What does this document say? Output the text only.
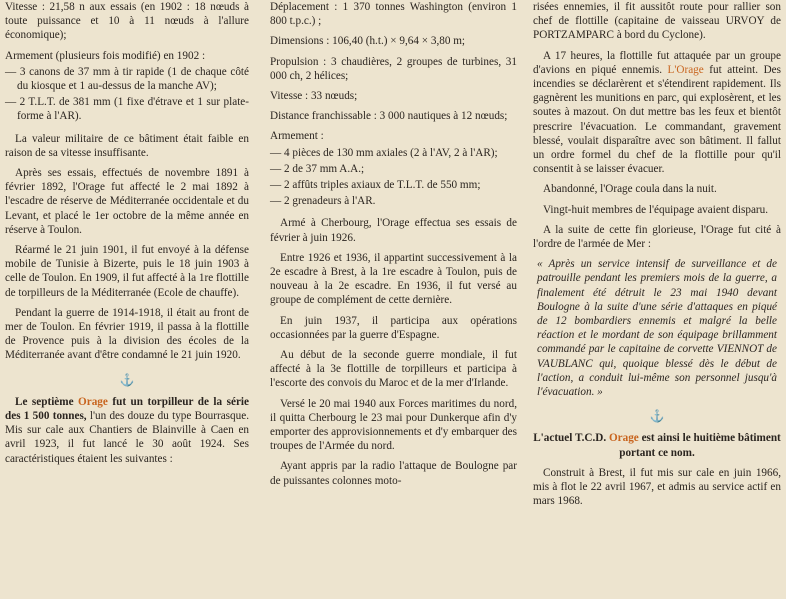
Vitesse : 21,58 n aux essais (en 1902 : 18 nœuds à toute puissance et 10 à 11 nœuds à l'allure économique);

Armement (plusieurs fois modifié) en 1902 :

— 3 canons de 37 mm à tir rapide (1 de chaque côté du kiosque et 1 au-dessus de la manche AV);

— 2 T.L.T. de 381 mm (1 fixe d'étrave et 1 sur plate-forme à l'AR).

La valeur militaire de ce bâtiment était faible en raison de sa vitesse insuffisante.

Après ses essais, effectués de novembre 1891 à février 1892, l'Orage fut affecté le 2 mai 1892 à l'escadre de réserve de Méditerranée occidentale et du Levant, et placé le 1er octobre de la même année en réserve à Toulon.

Réarmé le 21 juin 1901, il fut envoyé à la défense mobile de Tunisie à Bizerte, puis le 18 juin 1903 à celle de Toulon. En 1909, il fut affecté à la 1re flottille de torpilleurs de la Méditerranée (Ecole de chauffe).

Pendant la guerre de 1914-1918, il était au front de mer de Toulon. En février 1919, il passa à la flottille de Provence puis à la division des écoles de la Méditerranée avant d'être condamné le 21 juin 1920.

⚓

Le septième Orage fut un torpilleur de la série des 1 500 tonnes, l'un des douze du type Bourrasque. Mis sur cale aux Chantiers de Blainville à Caen en avril 1923, il fut lancé le 30 août 1924. Ses caractéristiques étaient les suivantes :

Déplacement : 1 370 tonnes Washington (environ 1 800 t.p.c.) ;

Dimensions : 106,40 (h.t.) × 9,64 × 3,80 m;

Propulsion : 3 chaudières, 2 groupes de turbines, 31 000 ch, 2 hélices;

Vitesse : 33 nœuds;

Distance franchissable : 3 000 nautiques à 12 nœuds;

Armement :

— 4 pièces de 130 mm axiales (2 à l'AV, 2 à l'AR);

— 2 de 37 mm A.A.;

— 2 affûts triples axiaux de T.L.T. de 550 mm;

— 2 grenadeurs à l'AR.

Armé à Cherbourg, l'Orage effectua ses essais de février à juin 1926.

Entre 1926 et 1936, il appartint successivement à la 2e escadre à Brest, à la 1re escadre à Toulon, puis de nouveau à la 2e escadre. En 1936, il fut versé au groupe de complément de cette dernière.

En juin 1937, il participa aux opérations occasionnées par la guerre d'Espagne.

Au début de la seconde guerre mondiale, il fut affecté à la 3e flottille de torpilleurs et participa à l'escorte des convois du Maroc et de la mer d'Irlande.

Versé le 20 mai 1940 aux Forces maritimes du nord, il quitta Cherbourg le 23 mai pour Dunkerque afin d'y emporter des approvisionnements et d'y embarquer des troupes de l'Armée du nord.

Ayant appris par la radio l'attaque de Boulogne par de puissantes colonnes moto-

risées ennemies, il fit aussitôt route pour rallier son chef de flottille (capitaine de vaisseau URVOY de PORTZAMPARC à bord du Cyclone).

A 17 heures, la flottille fut attaquée par un groupe d'avions en piqué ennemis. L'Orage fut atteint. Des incendies se déclarèrent et s'étendirent rapidement. Ils gagnèrent les munitions en parc, qui explosèrent, et les soutes à mazout. On dut mettre bas les feux et bientôt prescrire l'évacuation. Le commandant, gravement blessé, voulait disparaître avec son bâtiment. Il fallut un ordre formel du chef de la flottille pour qu'il consentit à se laisser évacuer.

Abandonné, l'Orage coula dans la nuit.

Vingt-huit membres de l'équipage avaient disparu.

A la suite de cette fin glorieuse, l'Orage fut cité à l'ordre de l'armée de Mer :

« Après un service intensif de surveillance et de patrouille pendant les premiers mois de la guerre, a finalement été détruit le 23 mai 1940 devant Boulogne à la suite d'une série d'attaques en piqué de 12 bombardiers ennemis et malgré la belle réaction et le mordant de son équipage brillamment commandé par le capitaine de corvette VIENNOT de VAUBLANC qui, quoique blessé dès le début de l'action, a conduit lui-même son personnel jusqu'à l'évacuation. »

⚓

L'actuel T.C.D. Orage est ainsi le huitième bâtiment portant ce nom.

Construit à Brest, il fut mis sur cale en juin 1966, mis à flot le 22 avril 1967, et admis au service actif en mars 1968.
